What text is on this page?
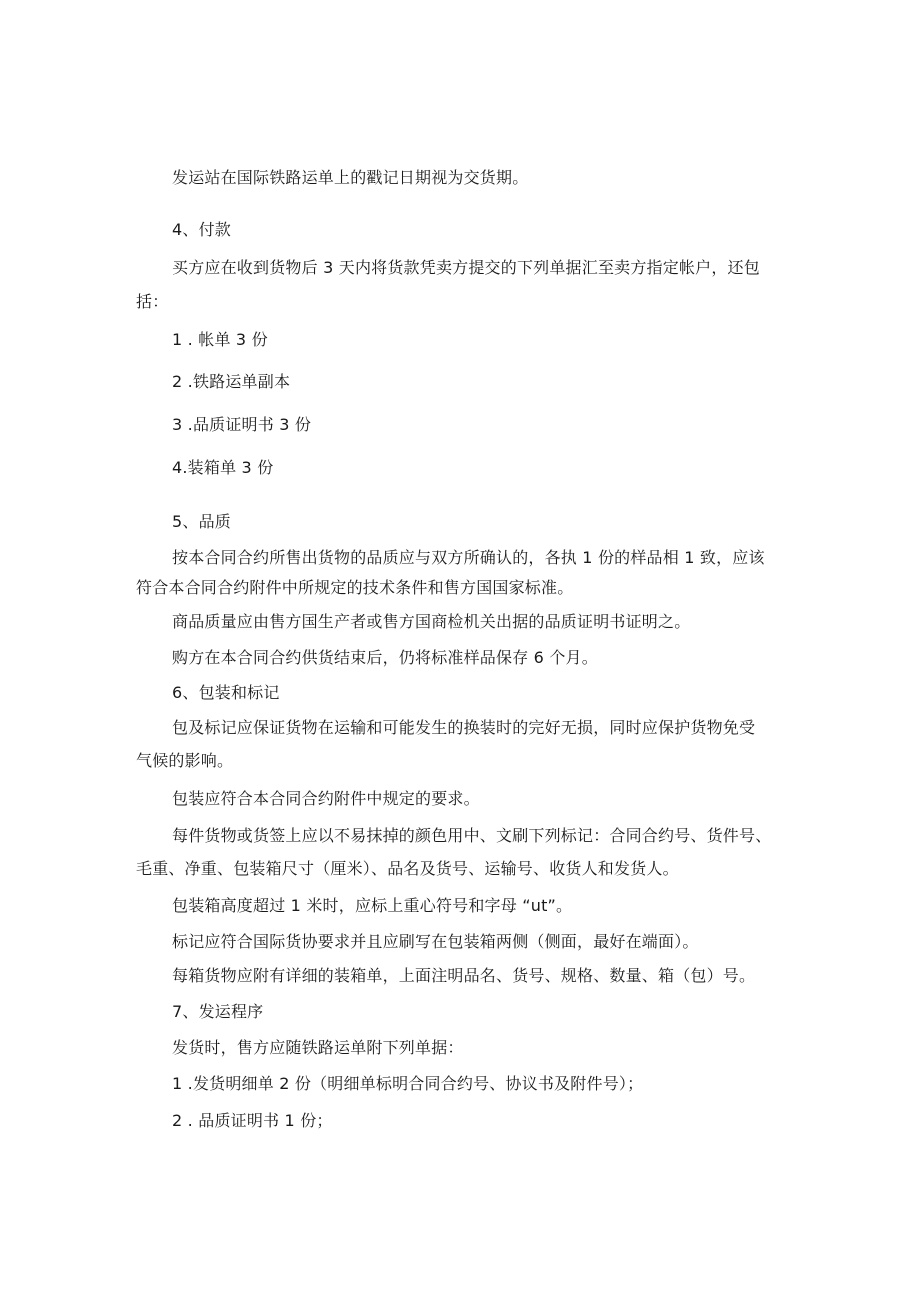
发运站在国际铁路运单上的戳记日期视为交货期。
4、付款
买方应在收到货物后 3 天内将货款凭卖方提交的下列单据汇至卖方指定帐户，还包
括：
1 . 帐单 3 份
2 .铁路运单副本
3 .品质证明书 3 份
4.装箱单 3 份
5、品质
按本合同合约所售出货物的品质应与双方所确认的，各执 1 份的样品相 1 致，应该
符合本合同合约附件中所规定的技术条件和售方国国家标准。
商品质量应由售方国生产者或售方国商检机关出据的品质证明书证明之。
购方在本合同合约供货结束后，仍将标准样品保存 6 个月。
6、包装和标记
包及标记应保证货物在运输和可能发生的换装时的完好无损，同时应保护货物免受
气候的影响。
包装应符合本合同合约附件中规定的要求。
每件货物或货签上应以不易抹掉的颜色用中、文刷下列标记：合同合约号、货件号、
毛重、净重、包装箱尺寸（厘米）、品名及货号、运输号、收货人和发货人。
包装箱高度超过 1 米时，应标上重心符号和字母 “ut”。
标记应符合国际货协要求并且应刷写在包装箱两侧（侧面，最好在端面）。
每箱货物应附有详细的装箱单，上面注明品名、货号、规格、数量、箱（包）号。
7、发运程序
发货时，售方应随铁路运单附下列单据：
1 .发货明细单 2 份（明细单标明合同合约号、协议书及附件号）；
2 . 品质证明书 1 份；
